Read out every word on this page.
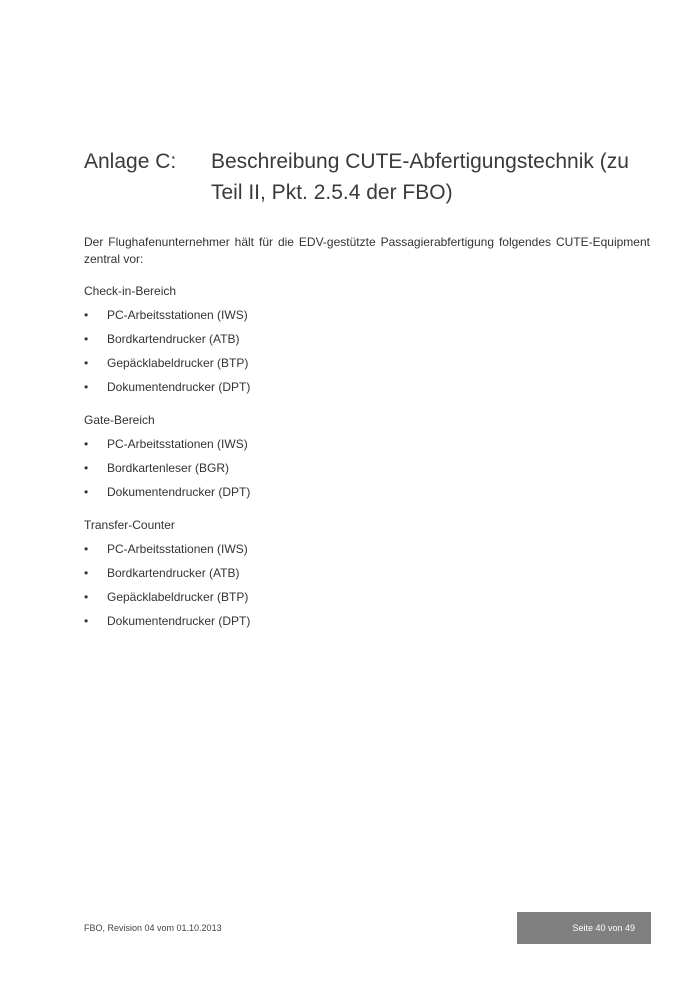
Anlage C: Beschreibung CUTE-Abfertigungstechnik (zu Teil II, Pkt. 2.5.4 der FBO)

Der Flughafenunternehmer hält für die EDV-gestützte Passagierabfertigung folgendes CUTE-Equipment zentral vor:

Check-in-Bereich
•	PC-Arbeitsstationen (IWS)
•	Bordkartendrucker (ATB)
•	Gepäcklabeldrucker (BTP)
•	Dokumentendrucker (DPT)
Gate-Bereich
•	PC-Arbeitsstationen (IWS)
•	Bordkartenleser (BGR)
•	Dokumentendrucker (DPT)
Transfer-Counter
•	PC-Arbeitsstationen (IWS)
•	Bordkartendrucker (ATB)
•	Gepäcklabeldrucker (BTP)
•	Dokumentendrucker (DPT)
FBO, Revision 04 vom 01.10.2013	Seite 40 von 49
